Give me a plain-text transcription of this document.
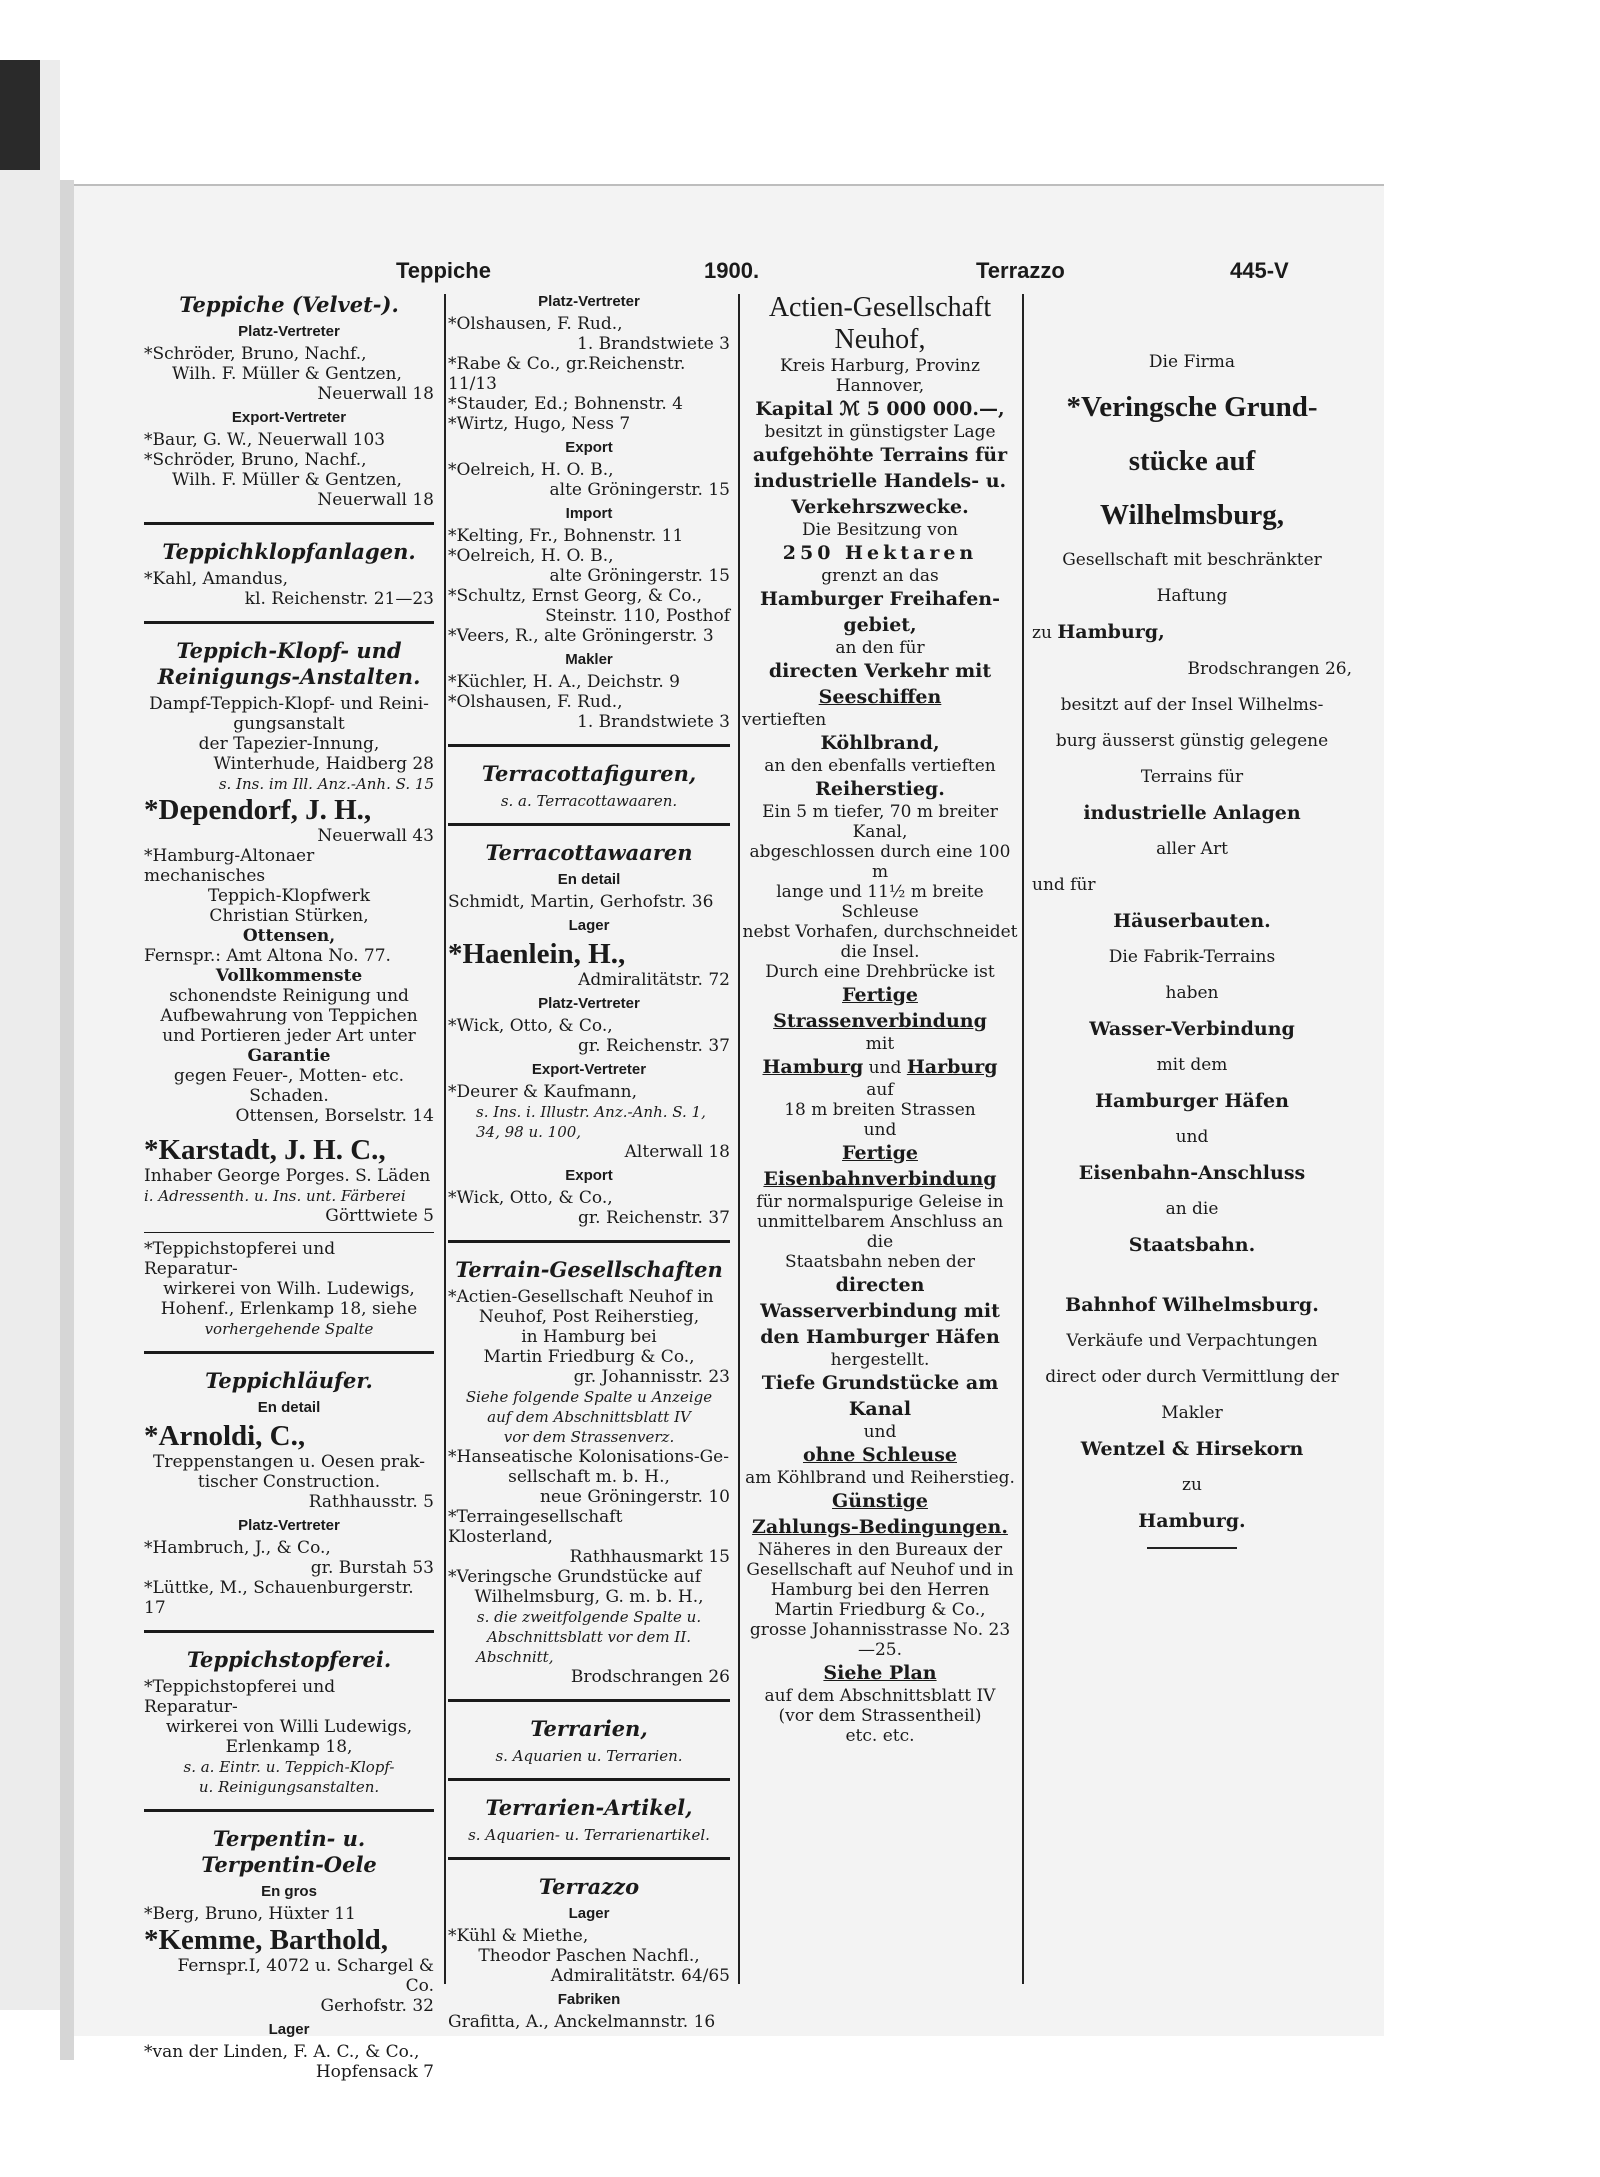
Teppiche	1900.	Terrazzo	445-V
Teppiche (Velvet-).
Platz-Vertreter

*Schröder, Bruno, Nachf.,

Wilh. F. Müller & Gentzen,

Neuerwall 18

Export-Vertreter

*Baur, G. W., Neuerwall 103

*Schröder, Bruno, Nachf.,

Wilh. F. Müller & Gentzen,

Neuerwall 18

Teppichklopfanlagen.

*Kahl, Amandus,

kl. Reichenstr. 21—23

Teppich-Klopf- und
Reinigungs-Anstalten.

Dampf-Teppich-Klopf- und Reini-

gungsanstalt

der Tapezier-Innung,

Winterhude, Haidberg 28

s. Ins. im Ill. Anz.-Anh. S. 15

*Dependorf, J. H.,

Neuerwall 43

*Hamburg-Altonaer mechanisches

Teppich-Klopfwerk

Christian Stürken,

Ottensen,

Fernspr.: Amt Altona No. 77.

Vollkommenste

schonendste Reinigung und

Aufbewahrung von Teppichen

und Portieren jeder Art unter

Garantie

gegen Feuer-, Motten- etc.

Schaden.

Ottensen, Borselstr. 14

*Karstadt, J. H. C.,

Inhaber George Porges. S. Läden

i. Adressenth. u. Ins. unt. Färberei

Görttwiete 5

*Teppichstopferei und Reparatur-

wirkerei von Wilh. Ludewigs,

Hohenf., Erlenkamp 18, siehe

vorhergehende Spalte

Teppichläufer.
En detail

*Arnoldi, C.,

Treppenstangen u. Oesen prak-

tischer Construction.

Rathhausstr. 5

Platz-Vertreter

*Hambruch, J., & Co.,

gr. Burstah 53

*Lüttke, M., Schauenburgerstr. 17

Teppichstopferei.

*Teppichstopferei und Reparatur-

wirkerei von Willi Ludewigs,

Erlenkamp 18,

s. a. Eintr. u. Teppich-Klopf-

u. Reinigungsanstalten.

Terpentin- u.
Terpentin-Oele
En gros

*Berg, Bruno, Hüxter 11

*Kemme, Barthold,

Fernspr.I, 4072 u. Schargel & Co.

Gerhofstr. 32

Lager

*van der Linden, F. A. C., & Co.,

Hopfensack 7

Platz-Vertreter

*Olshausen, F. Rud.,

1. Brandstwiete 3

*Rabe & Co., gr.Reichenstr. 11/13

*Stauder, Ed.; Bohnenstr. 4

*Wirtz, Hugo, Ness 7

Export

*Oelreich, H. O. B.,

alte Gröningerstr. 15

Import

*Kelting, Fr., Bohnenstr. 11

*Oelreich, H. O. B.,

alte Gröningerstr. 15

*Schultz, Ernst Georg, & Co.,

Steinstr. 110, Posthof

*Veers, R., alte Gröningerstr. 3

Makler

*Küchler, H. A., Deichstr. 9

*Olshausen, F. Rud.,

1. Brandstwiete 3

Terracottafiguren,

s. a. Terracottawaaren.

Terracottawaaren
En detail

Schmidt, Martin, Gerhofstr. 36

Lager

*Haenlein, H.,

Admiralitätstr. 72

Platz-Vertreter

*Wick, Otto, & Co.,

gr. Reichenstr. 37

Export-Vertreter

*Deurer & Kaufmann,

s. Ins. i. Illustr. Anz.-Anh. S. 1,

34, 98 u. 100,

Alterwall 18

Export

*Wick, Otto, & Co.,

gr. Reichenstr. 37

Terrain-Gesellschaften

*Actien-Gesellschaft Neuhof in

Neuhof, Post Reiherstieg,

in Hamburg bei

Martin Friedburg & Co.,

gr. Johannisstr. 23

Siehe folgende Spalte u Anzeige

auf dem Abschnittsblatt IV

vor dem Strassenverz.

*Hanseatische Kolonisations-Ge-

sellschaft m. b. H.,

neue Gröningerstr. 10

*Terraingesellschaft Klosterland,

Rathhausmarkt 15

*Veringsche Grundstücke auf

Wilhelmsburg, G. m. b. H.,

s. die zweitfolgende Spalte u.

Abschnittsblatt vor dem II.

Abschnitt,

Brodschrangen 26

Terrarien,

s. Aquarien u. Terrarien.

Terrarien-Artikel,

s. Aquarien- u. Terrarienartikel.

Terrazzo
Lager

*Kühl & Miethe,

Theodor Paschen Nachfl.,

Admiralitätstr. 64/65

Fabriken

Grafitta, A., Anckelmannstr. 16

Actien-Gesellschaft

Neuhof,

Kreis Harburg, Provinz Hannover,

Kapital ℳ 5 000 000.—,

besitzt in günstigster Lage

aufgehöhte Terrains für

industrielle Handels- u.

Verkehrszwecke.

Die Besitzung von

250 Hektaren

grenzt an das

Hamburger Freihafen-

gebiet,

an den für

directen Verkehr mit

Seeschiffen

vertieften

Köhlbrand,

an den ebenfalls vertieften

Reiherstieg.

Ein 5 m tiefer, 70 m breiter Kanal,

abgeschlossen durch eine 100 m

lange und 11½ m breite Schleuse

nebst Vorhafen, durchschneidet

die Insel.

Durch eine Drehbrücke ist

Fertige

Strassenverbindung

mit

Hamburg und Harburg

auf

18 m breiten Strassen

und

Fertige

Eisenbahnverbindung

für normalspurige Geleise in

unmittelbarem Anschluss an die

Staatsbahn neben der

directen

Wasserverbindung mit

den Hamburger Häfen

hergestellt.

Tiefe Grundstücke am

Kanal

und

ohne Schleuse

am Köhlbrand und Reiherstieg.

Günstige

Zahlungs-Bedingungen.

Näheres in den Bureaux der

Gesellschaft auf Neuhof und in

Hamburg bei den Herren

Martin Friedburg & Co.,

grosse Johannisstrasse No. 23—25.

Siehe Plan

auf dem Abschnittsblatt IV

(vor dem Strassentheil)

etc. etc.

Die Firma

*Veringsche Grund-

stücke auf

Wilhelmsburg,

Gesellschaft mit beschränkter

Haftung

zu Hamburg,

Brodschrangen 26,

besitzt auf der Insel Wilhelms-

burg äusserst günstig gelegene

Terrains für

industrielle Anlagen

aller Art

und für

Häuserbauten.

Die Fabrik-Terrains

haben

Wasser-Verbindung

mit dem

Hamburger Häfen

und

Eisenbahn-Anschluss

an die

Staatsbahn.

Bahnhof Wilhelmsburg.

Verkäufe und Verpachtungen

direct oder durch Vermittlung der

Makler

Wentzel & Hirsekorn

zu

Hamburg.
